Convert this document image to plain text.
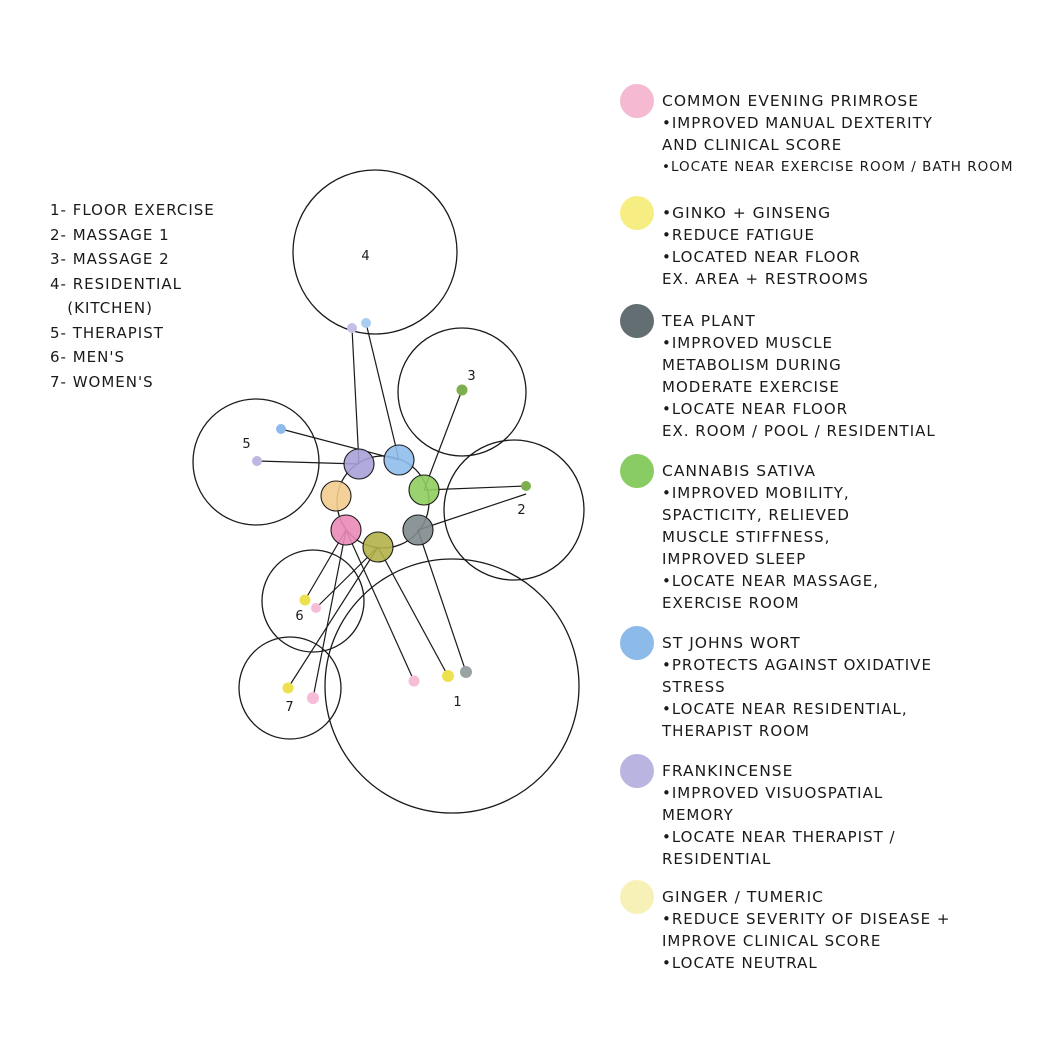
4
3
5
2
6
7	1
1- FLOOR EXERCISE
2- MASSAGE 1
3- MASSAGE 2
4- RESIDENTIAL
(KITCHEN)
5- THERAPIST
6- MEN'S
7- WOMEN'S

COMMON EVENING PRIMROSE

•IMPROVED MANUAL DEXTERITY
AND CLINICAL SCORE
•LOCATE NEAR EXERCISE ROOM / BATH ROOM

•GINKO + GINSENG

•REDUCE FATIGUE
•LOCATED NEAR FLOOR
EX. AREA + RESTROOMS

TEA PLANT

•IMPROVED MUSCLE
METABOLISM DURING
MODERATE EXERCISE
•LOCATE NEAR FLOOR
EX. ROOM / POOL / RESIDENTIAL

CANNABIS SATIVA

•IMPROVED MOBILITY,
SPACTICITY, RELIEVED
MUSCLE STIFFNESS,
IMPROVED SLEEP
•LOCATE NEAR MASSAGE,
EXERCISE ROOM

ST JOHNS WORT

•PROTECTS AGAINST OXIDATIVE
STRESS
•LOCATE NEAR RESIDENTIAL,
THERAPIST ROOM

FRANKINCENSE

•IMPROVED VISUOSPATIAL
MEMORY
•LOCATE NEAR THERAPIST /
RESIDENTIAL

GINGER / TUMERIC

•REDUCE SEVERITY OF DISEASE +
IMPROVE CLINICAL SCORE
•LOCATE NEUTRAL
